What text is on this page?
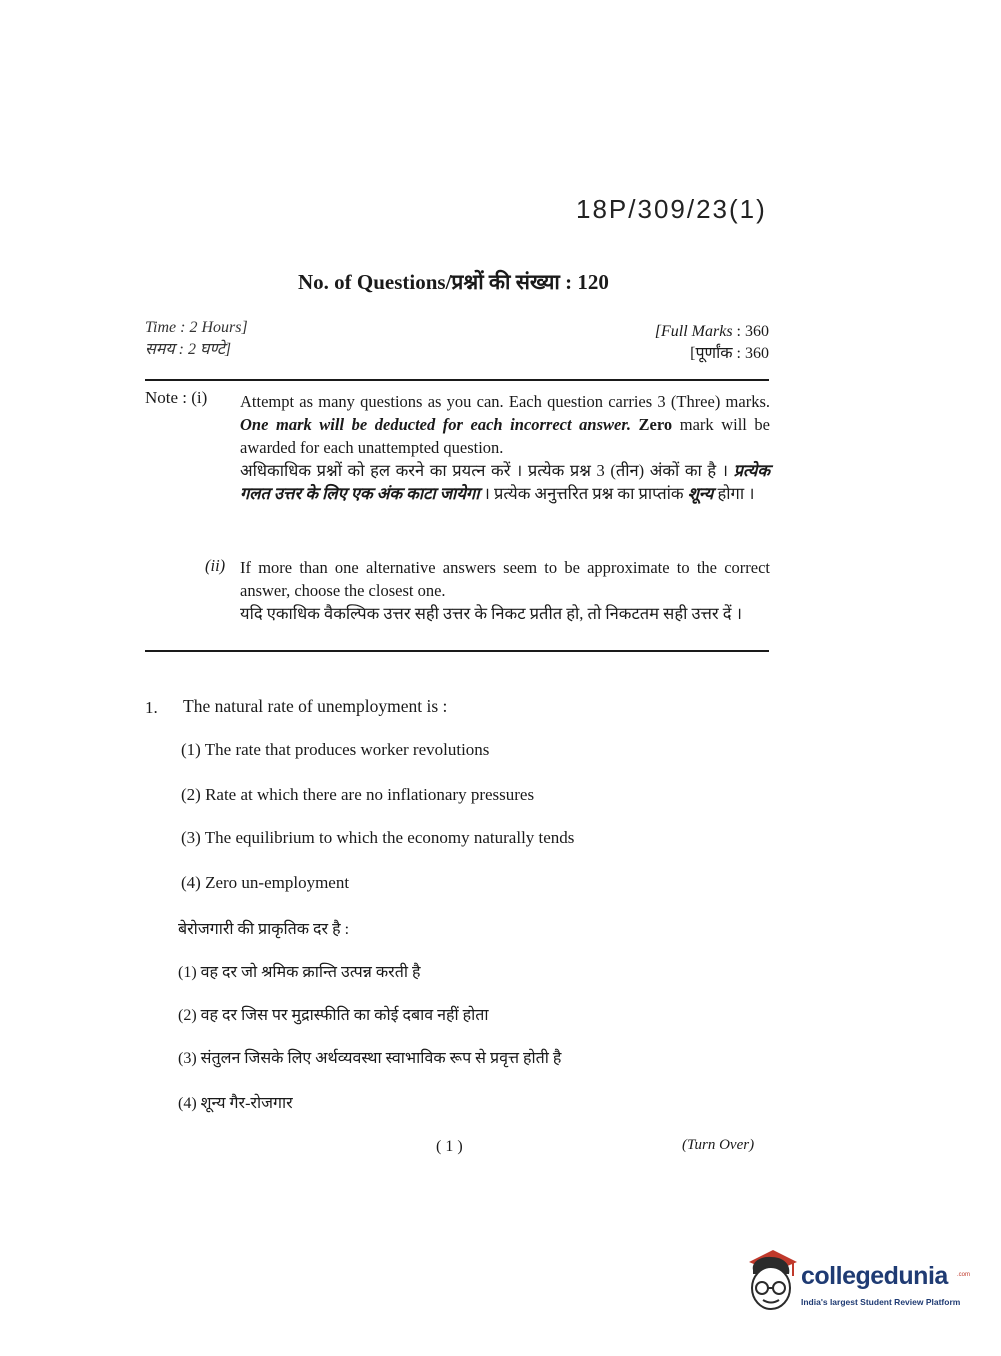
18P/309/23(1)
No. of Questions/प्रश्नों की संख्या : 120
Time : 2 Hours]
समय : 2 घण्टे]
[Full Marks : 360
[पूर्णांक : 360
Note : (i) Attempt as many questions as you can. Each question carries 3 (Three) marks. One mark will be deducted for each incorrect answer. Zero mark will be awarded for each unattempted question.
अधिकाधिक प्रश्नों को हल करने का प्रयत्न करें । प्रत्येक प्रश्न 3 (तीन) अंकों का है । प्रत्येक गलत उत्तर के लिए एक अंक काटा जायेगा । प्रत्येक अनुत्तरित प्रश्न का प्राप्तांक शून्य होगा ।
(ii) If more than one alternative answers seem to be approximate to the correct answer, choose the closest one.
यदि एकाधिक वैकल्पिक उत्तर सही उत्तर के निकट प्रतीत हो, तो निकटतम सही उत्तर दें ।
1. The natural rate of unemployment is :
(1) The rate that produces worker revolutions
(2) Rate at which there are no inflationary pressures
(3) The equilibrium to which the economy naturally tends
(4) Zero un-employment
बेरोजगारी की प्राकृतिक दर है :
(1) वह दर जो श्रमिक क्रान्ति उत्पन्न करती है
(2) वह दर जिस पर मुद्रास्फीति का कोई दबाव नहीं होता
(3) संतुलन जिसके लिए अर्थव्यवस्था स्वाभाविक रूप से प्रवृत्त होती है
(4) शून्य गैर-रोजगार
( 1 )	(Turn Over)
collegedunia .com
India's largest Student Review Platform
